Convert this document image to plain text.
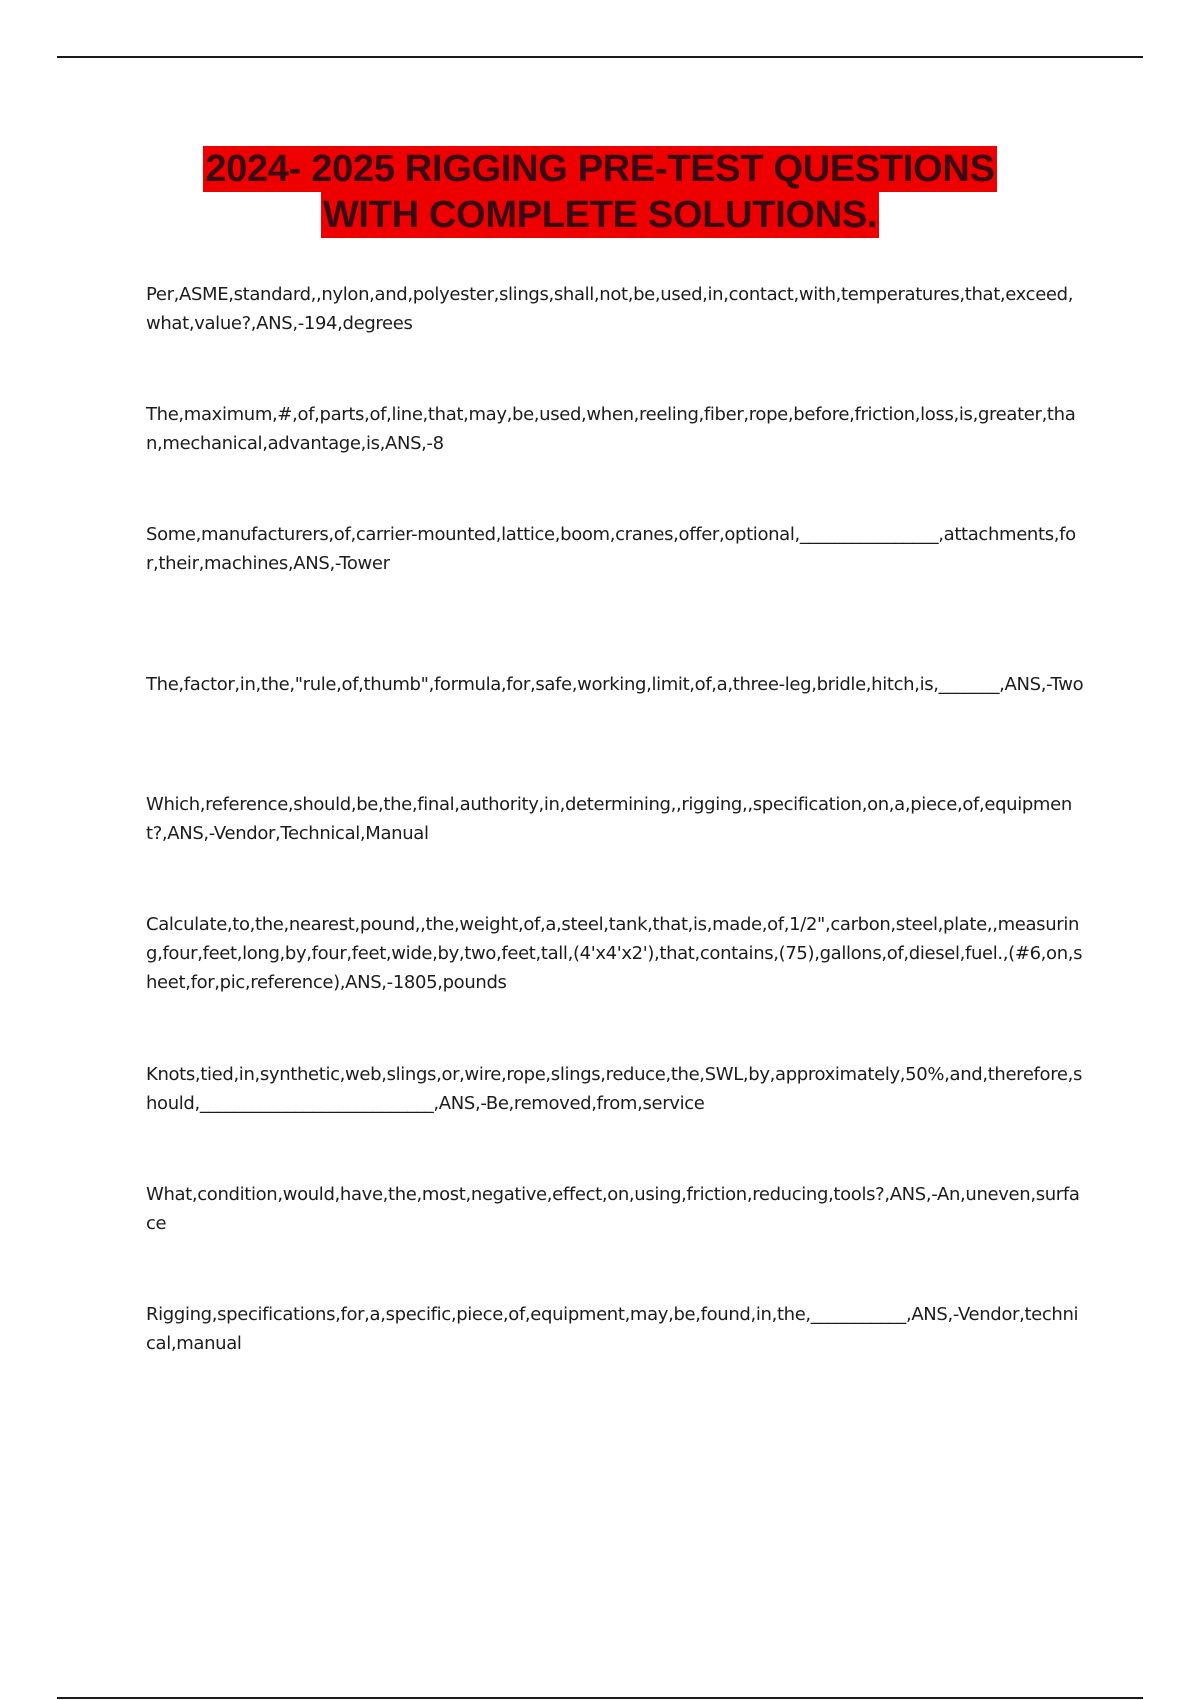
2024- 2025 RIGGING PRE-TEST QUESTIONS
WITH COMPLETE SOLUTIONS.
Per,ASME,standard,,nylon,and,polyester,slings,shall,not,be,used,in,contact,with,temperatures,that,exceed,what,value?,ANS,-194,degrees
The,maximum,#,of,parts,of,line,that,may,be,used,when,reeling,fiber,rope,before,friction,loss,is,greater,than,mechanical,advantage,is,ANS,-8
Some,manufacturers,of,carrier-mounted,lattice,boom,cranes,offer,optional,________________,attachments,for,their,machines,ANS,-Tower
The,factor,in,the,"rule,of,thumb",formula,for,safe,working,limit,of,a,three-leg,bridle,hitch,is,_______,ANS,-Two
Which,reference,should,be,the,final,authority,in,determining,,rigging,,specification,on,a,piece,of,equipment?,ANS,-Vendor,Technical,Manual
Calculate,to,the,nearest,pound,,the,weight,of,a,steel,tank,that,is,made,of,1/2",carbon,steel,plate,,measuring,four,feet,long,by,four,feet,wide,by,two,feet,tall,(4'x4'x2'),that,contains,(75),gallons,of,diesel,fuel.,(#6,on,sheet,for,pic,reference),ANS,-1805,pounds
Knots,tied,in,synthetic,web,slings,or,wire,rope,slings,reduce,the,SWL,by,approximately,50%,and,therefore,should,___________________________,ANS,-Be,removed,from,service
What,condition,would,have,the,most,negative,effect,on,using,friction,reducing,tools?,ANS,-An,uneven,surface
Rigging,specifications,for,a,specific,piece,of,equipment,may,be,found,in,the,___________,ANS,-Vendor,technical,manual
